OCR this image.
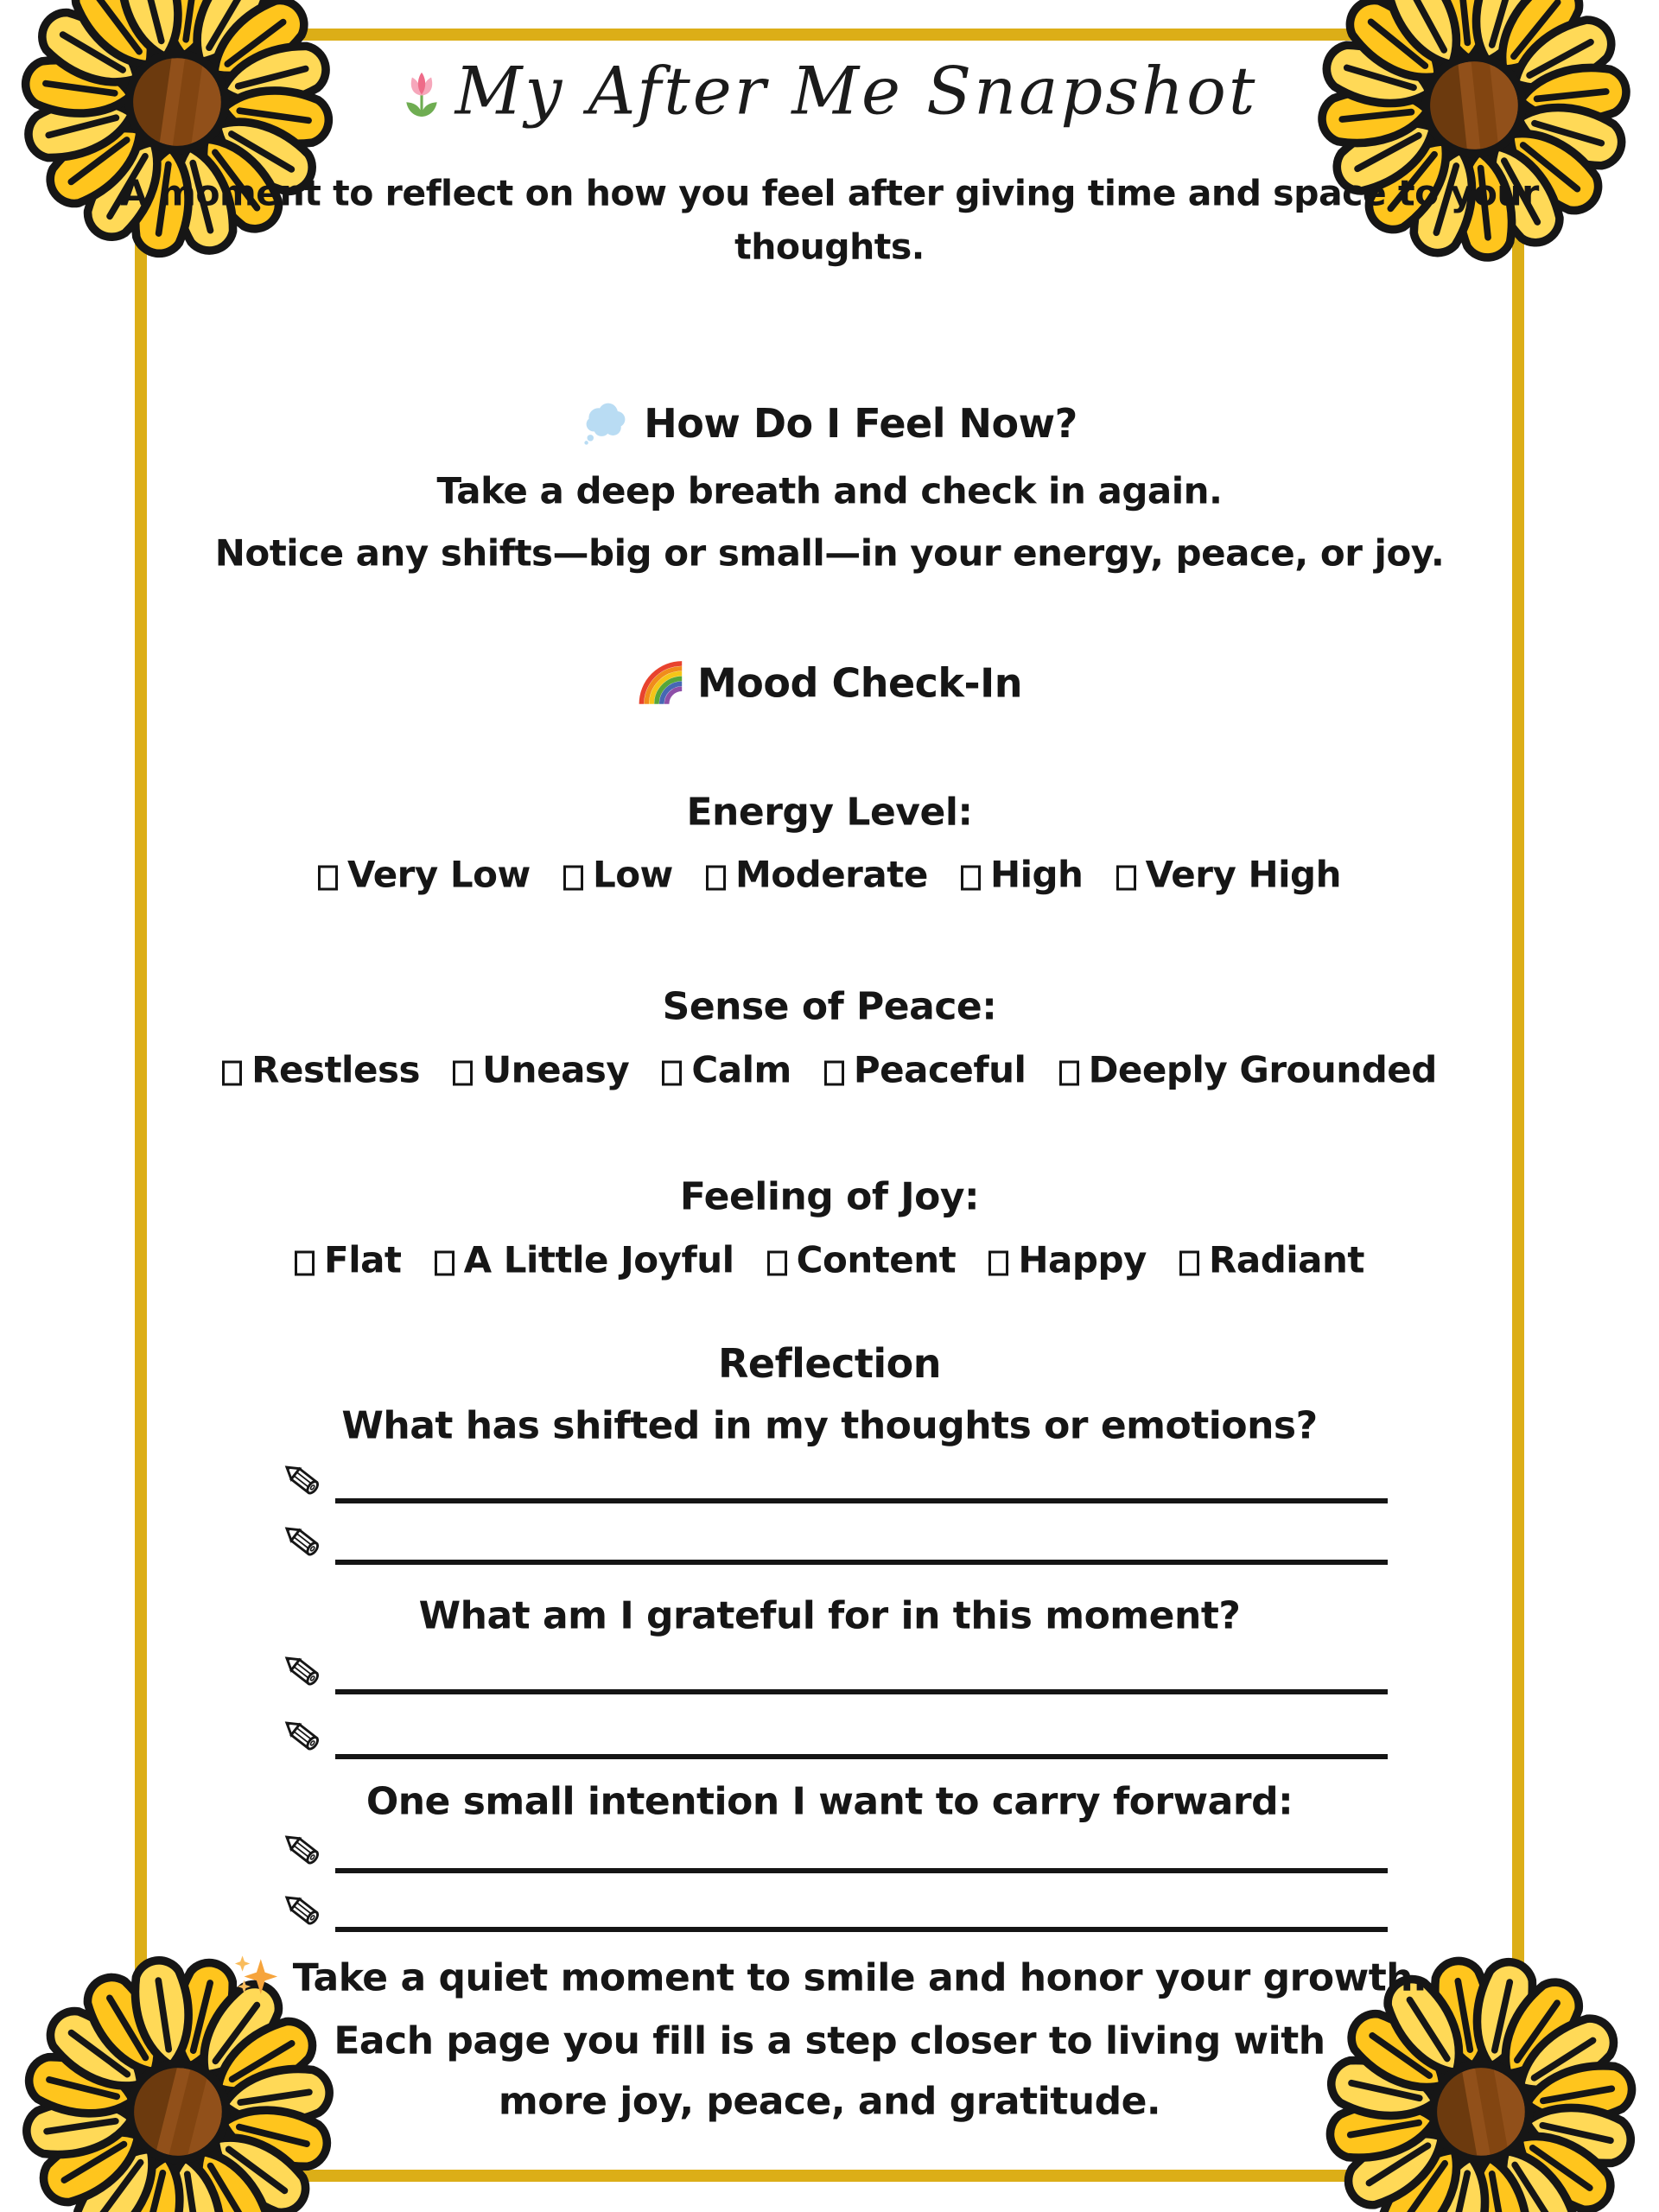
My After Me Snapshot
A moment to reflect on how you feel after giving time and space to your thoughts.
How Do I Feel Now?
Take a deep breath and check in again.
Notice any shifts—big or small—in your energy, peace, or joy.
Mood Check-In
Energy Level:
Very Low Low Moderate High Very High
Sense of Peace:
Restless Uneasy Calm Peaceful Deeply Grounded
Feeling of Joy:
Flat A Little Joyful Content Happy Radiant
Reflection
What has shifted in my thoughts or emotions?
What am I grateful for in this moment?
One small intention I want to carry forward:
Take a quiet moment to smile and honor your growth.
Each page you fill is a step closer to living with
more joy, peace, and gratitude.
